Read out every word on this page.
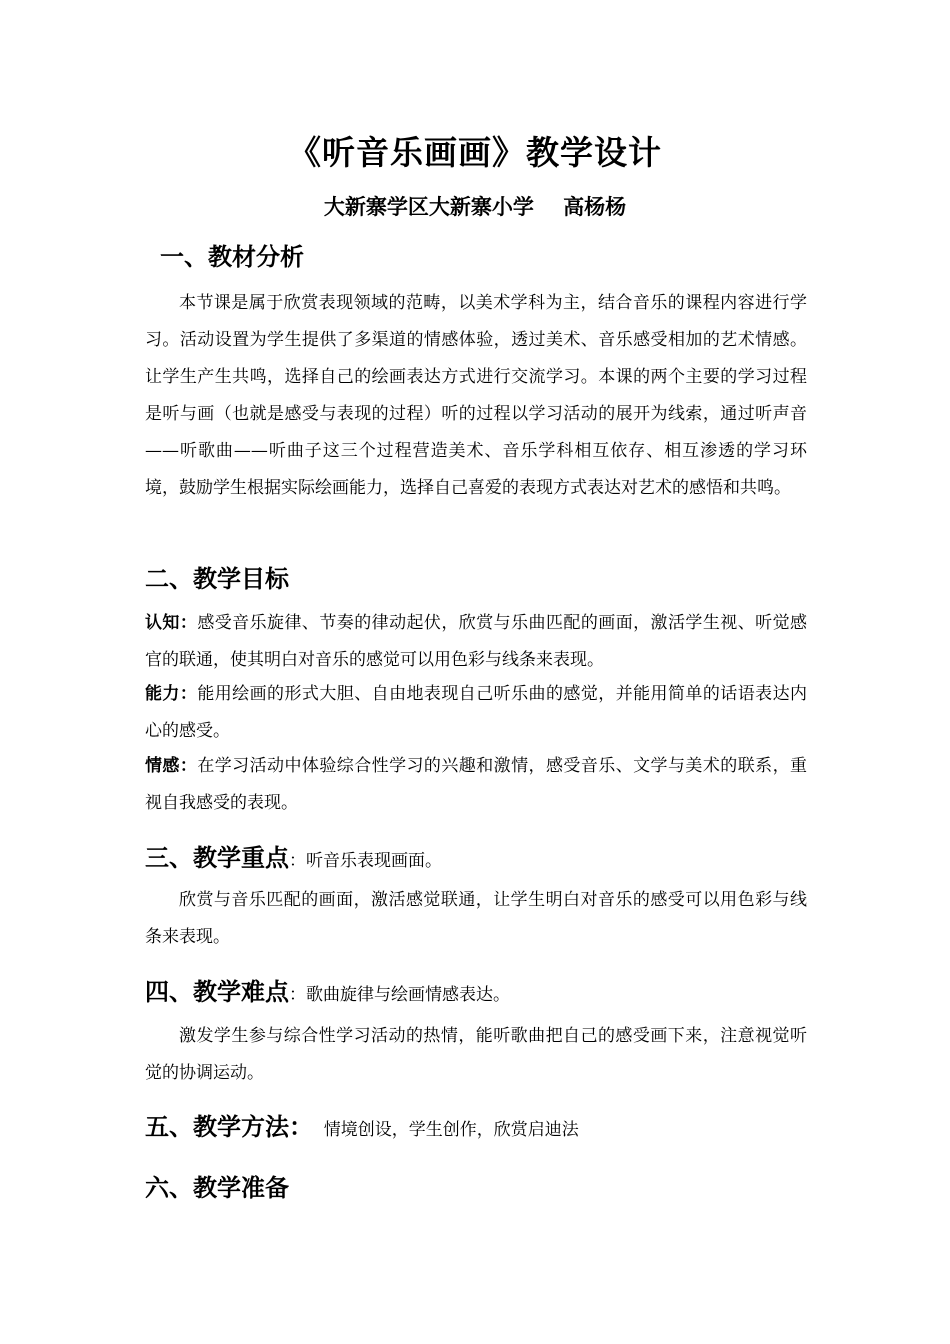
《听音乐画画》教学设计
大新寨学区大新寨小学    高杨杨
一、教材分析
本节课是属于欣赏表现领域的范畴，以美术学科为主，结合音乐的课程内容进行学习。活动设置为学生提供了多渠道的情感体验，透过美术、音乐感受相加的艺术情感。让学生产生共鸣，选择自己的绘画表达方式进行交流学习。本课的两个主要的学习过程是听与画（也就是感受与表现的过程）听的过程以学习活动的展开为线索，通过听声音——听歌曲——听曲子这三个过程营造美术、音乐学科相互依存、相互渗透的学习环境，鼓励学生根据实际绘画能力，选择自己喜爱的表现方式表达对艺术的感悟和共鸣。
二、教学目标
认知：感受音乐旋律、节奏的律动起伏，欣赏与乐曲匹配的画面，激活学生视、听觉感官的联通，使其明白对音乐的感觉可以用色彩与线条来表现。
能力：能用绘画的形式大胆、自由地表现自己听乐曲的感觉，并能用简单的话语表达内心的感受。
情感：在学习活动中体验综合性学习的兴趣和激情，感受音乐、文学与美术的联系，重视自我感受的表现。
三、教学重点：听音乐表现画面。
欣赏与音乐匹配的画面，激活感觉联通，让学生明白对音乐的感受可以用色彩与线条来表现。
四、教学难点：歌曲旋律与绘画情感表达。
激发学生参与综合性学习活动的热情，能听歌曲把自己的感受画下来，注意视觉听觉的协调运动。
五、教学方法：  情境创设，学生创作，欣赏启迪法
六、教学准备
